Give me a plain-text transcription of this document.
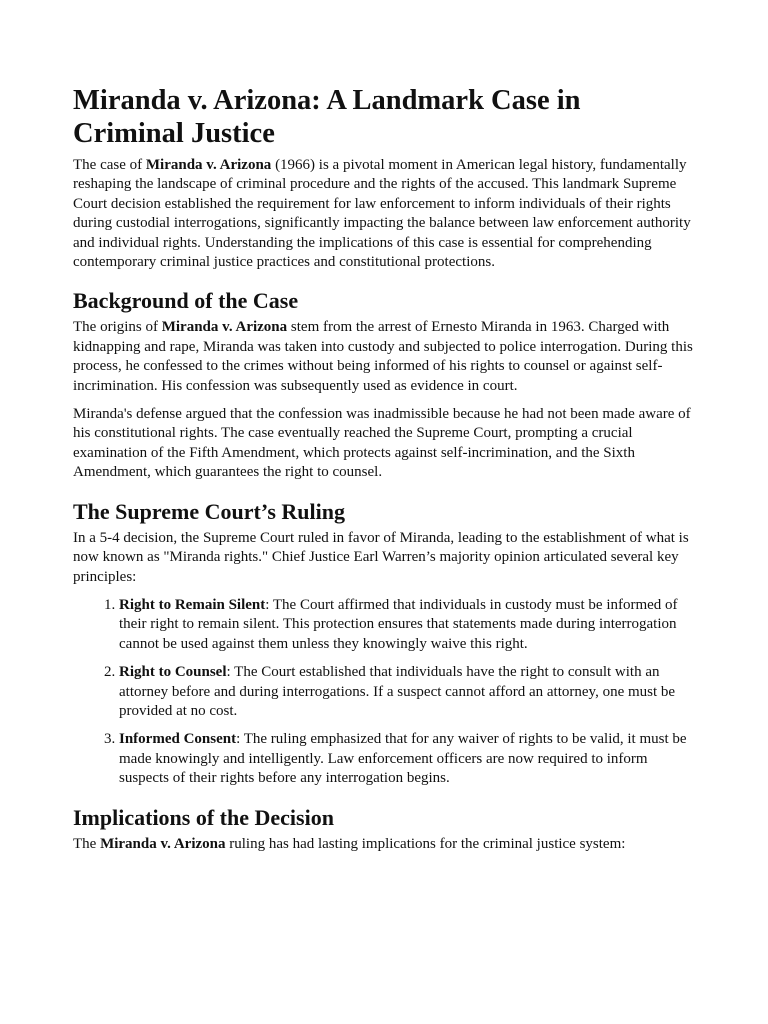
Miranda v. Arizona: A Landmark Case in Criminal Justice

The case of Miranda v. Arizona (1966) is a pivotal moment in American legal history, fundamentally reshaping the landscape of criminal procedure and the rights of the accused. This landmark Supreme Court decision established the requirement for law enforcement to inform individuals of their rights during custodial interrogations, significantly impacting the balance between law enforcement authority and individual rights. Understanding the implications of this case is essential for comprehending contemporary criminal justice practices and constitutional protections.

Background of the Case

The origins of Miranda v. Arizona stem from the arrest of Ernesto Miranda in 1963. Charged with kidnapping and rape, Miranda was taken into custody and subjected to police interrogation. During this process, he confessed to the crimes without being informed of his rights to counsel or against self-incrimination. His confession was subsequently used as evidence in court.

Miranda's defense argued that the confession was inadmissible because he had not been made aware of his constitutional rights. The case eventually reached the Supreme Court, prompting a crucial examination of the Fifth Amendment, which protects against self-incrimination, and the Sixth Amendment, which guarantees the right to counsel.

The Supreme Court’s Ruling

In a 5-4 decision, the Supreme Court ruled in favor of Miranda, leading to the establishment of what is now known as "Miranda rights." Chief Justice Earl Warren’s majority opinion articulated several key principles:

1. Right to Remain Silent: The Court affirmed that individuals in custody must be informed of their right to remain silent. This protection ensures that statements made during interrogation cannot be used against them unless they knowingly waive this right.
2. Right to Counsel: The Court established that individuals have the right to consult with an attorney before and during interrogations. If a suspect cannot afford an attorney, one must be provided at no cost.
3. Informed Consent: The ruling emphasized that for any waiver of rights to be valid, it must be made knowingly and intelligently. Law enforcement officers are now required to inform suspects of their rights before any interrogation begins.
Implications of the Decision

The Miranda v. Arizona ruling has had lasting implications for the criminal justice system:
